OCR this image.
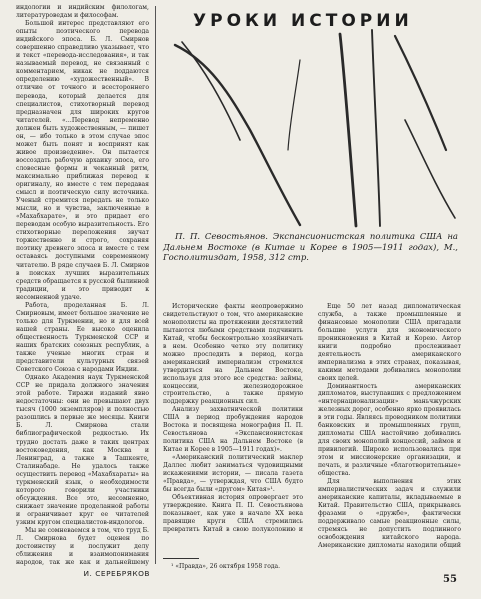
индологии и индийским филологам, литературоведам и философам.

Большой интерес представляют его опыты поэтического перевода индийского эпоса. Б. Л. Смирнов совершенно справедливо указывает, что и текст «перевода-исследования», и так называемый перевод, не связанный с комментарием, никак не поддаются определению «художественный». В отличие от точного и всестороннего перевода, который делается для специалистов, стихотворный перевод предназначен для широких кругов читателей. «…Перевод непременно должен быть художественным, — пишет он, — ибо только в этом случае эпос может быть понят и воспринят как живое произведение». Он пытается воссоздать рабочую архаику эпоса, его словесные формы и чеканный ритм, максимально приближая перевод к оригиналу, но вместе с тем передавая смысл и поэтическую силу источника. Ученый стремится передать не только мысли, но и чувства, заключенные в «Махабхарате», и это придает его переводам особую выразительность. Его стихотворные переложения звучат торжественно и строго, сохраняя поэтику древнего эпоса и вместе с тем оставаясь доступными современному читателю. В ряде случаев Б. Л. Смирнов в поисках лучших выразительных средств обращается к русской былинной традиции, и это приводит к несомненной удаче.

Работа, проделанная Б. Л. Смирновым, имеет большое значение не только для Туркмении, но и для всей нашей страны. Ее высоко оценила общественность Туркменской ССР и наших братских союзных республик, а также ученые многих стран и представители культурных связей Советского Союза с народами Индии.

Однако Академия наук Туркменской ССР не придала должного значения этой работе. Тиражи изданий явно недостаточны: они не превышают двух тысяч (1000 экземпляров) и полностью разошлись в первые же месяцы. Книги Б. Л. Смирнова стали библиографической редкостью. Их трудно достать даже в таких центрах востоковедения, как Москва и Ленинград, а также в Ташкенте, Сталинабаде. Не удалось также осуществить перевод «Махабхараты» на туркменский язык, о необходимости которого говорили участники обсуждения. Все это, несомненно, снижает значение проделанной работы и ограничивает круг ее читателей узким кругом специалистов-индологов.

Мы не сомневаемся в том, что труд Б. Л. Смирнова будет оценен по достоинству и послужит делу сближения и взаимопонимания народов, так же как и дальнейшему

И. СЕРЕБРЯКОВ
УРОКИ ИСТОРИИ
П. П. Севостьянов. Экспансионистская политика США на Дальнем Востоке (в Китае и Корее в 1905—1911 годах), М., Госполитиздат, 1958, 312 стр.

Исторические факты неопровержимо свидетельствуют о том, что американские монополисты на протяжении десятилетий пытаются любыми средствами подчинить Китай, чтобы бесконтрольно хозяйничать в нем. Особенно четко эту политику можно проследить в период, когда американский империализм стремился утвердиться на Дальнем Востоке, используя для этого все средства: займы, концессии, железнодорожное строительство, а также прямую поддержку реакционных сил.

Анализу захватнической политики США в период пробуждения народов Востока и посвящена монография П. П. Севостьянова «Экспансионистская политика США на Дальнем Востоке (в Китае и Корее в 1905—1911 годах)».

«Американский политический маклер Даллес любит заниматься чудовищными искажениями истории, — писала газета «Правда», — утверждая, что США будто бы всегда были «другом» Китая»¹.

Объективная история опровергает это утверждение. Книга П. П. Севостьянова показывает, как уже в начале XX века правящие круги США стремились превратить Китай в свою полуколонию и

¹ «Правда», 26 октября 1958 года.

Еще 50 лет назад дипломатическая служба, а также промышленные и финансовые монополии США пригадали большие услуги для экономического проникновения в Китай и Корею. Автор книги подробно прослеживает деятельность американского империализма в этих странах, показывая, какими методами добивались монополии своих целей.

Доминантность американских дипломатов, выступавших с предложением «интернационализации» маньчжурских железных дорог, особенно ярко проявилась в эти годы. Являясь проводником политики банковских и промышленных групп, дипломаты США настойчиво добивались для своих монополий концессий, займов и привилегий. Широко использовались при этом и миссионерские организации, и печать, и различные «благотворительные» общества.

Для выполнения этих империалистических задач и служили американские капиталы, вкладываемые в Китай. Правительство США, прикрываясь фразами о «дружбе», фактически поддерживало самые реакционные силы, стремясь не допустить подлинного освобождения китайского народа. Американские дипломаты находили общий

55
